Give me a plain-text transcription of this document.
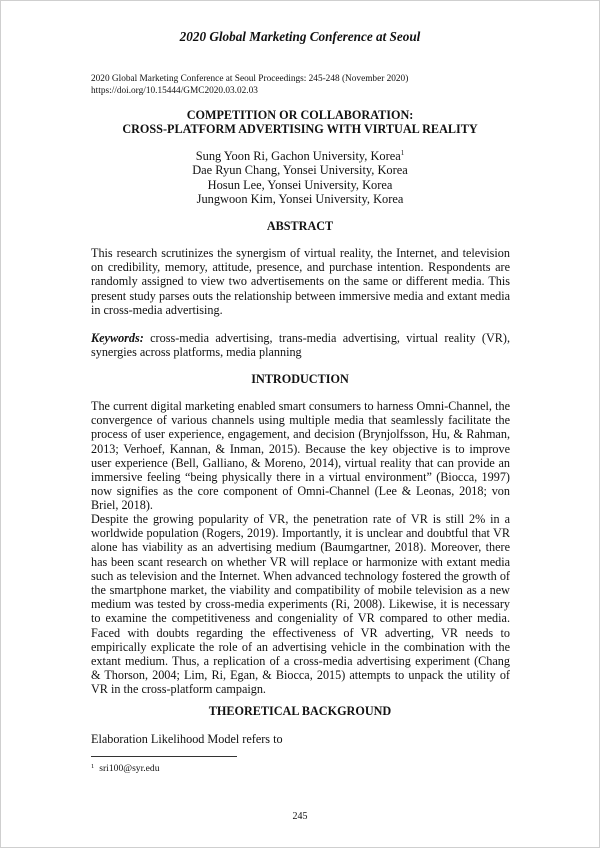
2020 Global Marketing Conference at Seoul
2020 Global Marketing Conference at Seoul Proceedings: 245-248 (November 2020)
https://doi.org/10.15444/GMC2020.03.02.03
COMPETITION OR COLLABORATION:
CROSS-PLATFORM ADVERTISING WITH VIRTUAL REALITY
Sung Yoon Ri, Gachon University, Korea$^1$
Dae Ryun Chang, Yonsei University, Korea
Hosun Lee, Yonsei University, Korea
Jungwoon Kim, Yonsei University, Korea
ABSTRACT

This research scrutinizes the synergism of virtual reality, the Internet, and television on credibility, memory, attitude, presence, and purchase intention. Respondents are randomly assigned to view two advertisements on the same or different media. This present study parses outs the relationship between immersive media and extant media in cross-media advertising.

Keywords: cross-media advertising, trans-media advertising, virtual reality (VR), synergies across platforms, media planning

INTRODUCTION

The current digital marketing enabled smart consumers to harness Omni-Channel, the convergence of various channels using multiple media that seamlessly facilitate the process of user experience, engagement, and decision (Brynjolfsson, Hu, & Rahman, 2013; Verhoef, Kannan, & Inman, 2015). Because the key objective is to improve user experience (Bell, Galliano, & Moreno, 2014), virtual reality that can provide an immersive feeling “being physically there in a virtual environment” (Biocca, 1997) now signifies as the core component of Omni-Channel (Lee & Leonas, 2018; von Briel, 2018).

Despite the growing popularity of VR, the penetration rate of VR is still 2% in a worldwide population (Rogers, 2019). Importantly, it is unclear and doubtful that VR alone has viability as an advertising medium (Baumgartner, 2018). Moreover, there has been scant research on whether VR will replace or harmonize with extant media such as television and the Internet. When advanced technology fostered the growth of the smartphone market, the viability and compatibility of mobile television as a new medium was tested by cross-media experiments (Ri, 2008). Likewise, it is necessary to examine the competitiveness and congeniality of VR compared to other media. Faced with doubts regarding the effectiveness of VR adverting, VR needs to empirically explicate the role of an advertising vehicle in the combination with the extant medium. Thus, a replication of a cross-media advertising experiment (Chang & Thorson, 2004; Lim, Ri, Egan, & Biocca, 2015) attempts to unpack the utility of VR in the cross-platform campaign.

THEORETICAL BACKGROUND

Elaboration Likelihood Model refers to

$^1$ sri100@syr.edu
245
